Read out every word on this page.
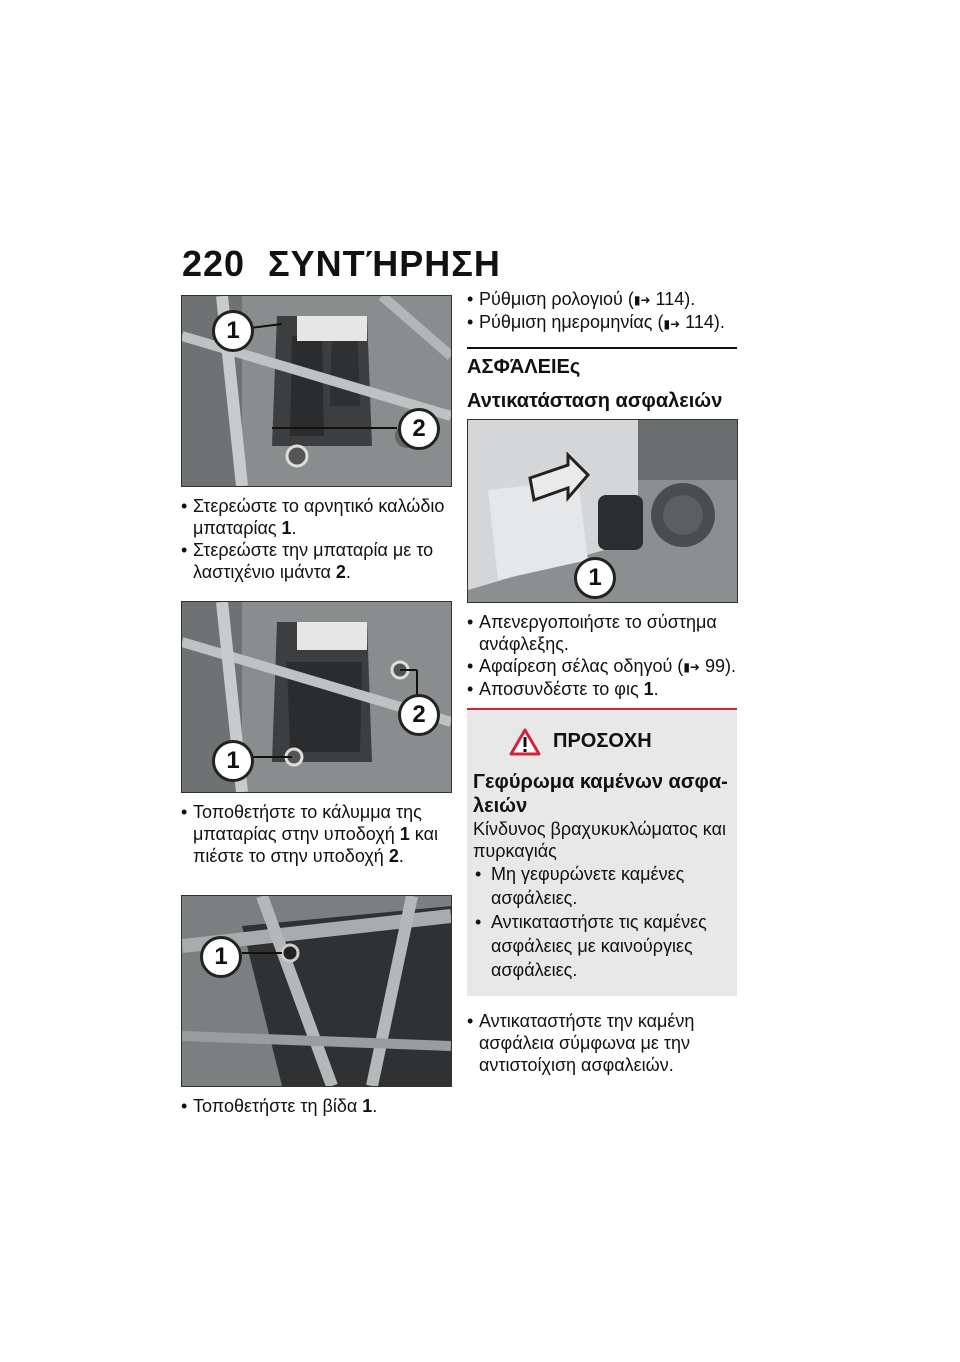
220 ΣΥΝΤΉΡΗΣΗ
1
2
• Στερεώστε το αρνητικό καλώδιο μπαταρίας 1.
• Στερεώστε την μπαταρία με το λαστιχένιο ιμάντα 2.
2
1
• Τοποθετήστε το κάλυμμα της μπαταρίας στην υποδοχή 1 και πιέστε το στην υποδοχή 2.
1
• Τοποθετήστε τη βίδα 1.
• Ρύθμιση ρολογιού (▮➜ 114).
• Ρύθμιση ημερομηνίας (▮➜ 114).
ΑΣΦΆΛΕΙΕς
Αντικατάσταση ασφαλειών
1
• Απενεργοποιήστε το σύστημα ανάφλεξης.
• Αφαίρεση σέλας οδηγού (▮➜ 99).
• Αποσυνδέστε το φις 1.
ΠΡΟΣΟΧΗ
Γεφύρωμα καμένων ασφα-λειών
Κίνδυνος βραχυκυκλώματος και πυρκαγιάς
• Μη γεφυρώνετε καμένες ασφάλειες.
• Αντικαταστήστε τις καμένες ασφάλειες με καινούργιες ασφάλειες.
• Αντικαταστήστε την καμένη ασφάλεια σύμφωνα με την αντιστοίχιση ασφαλειών.
